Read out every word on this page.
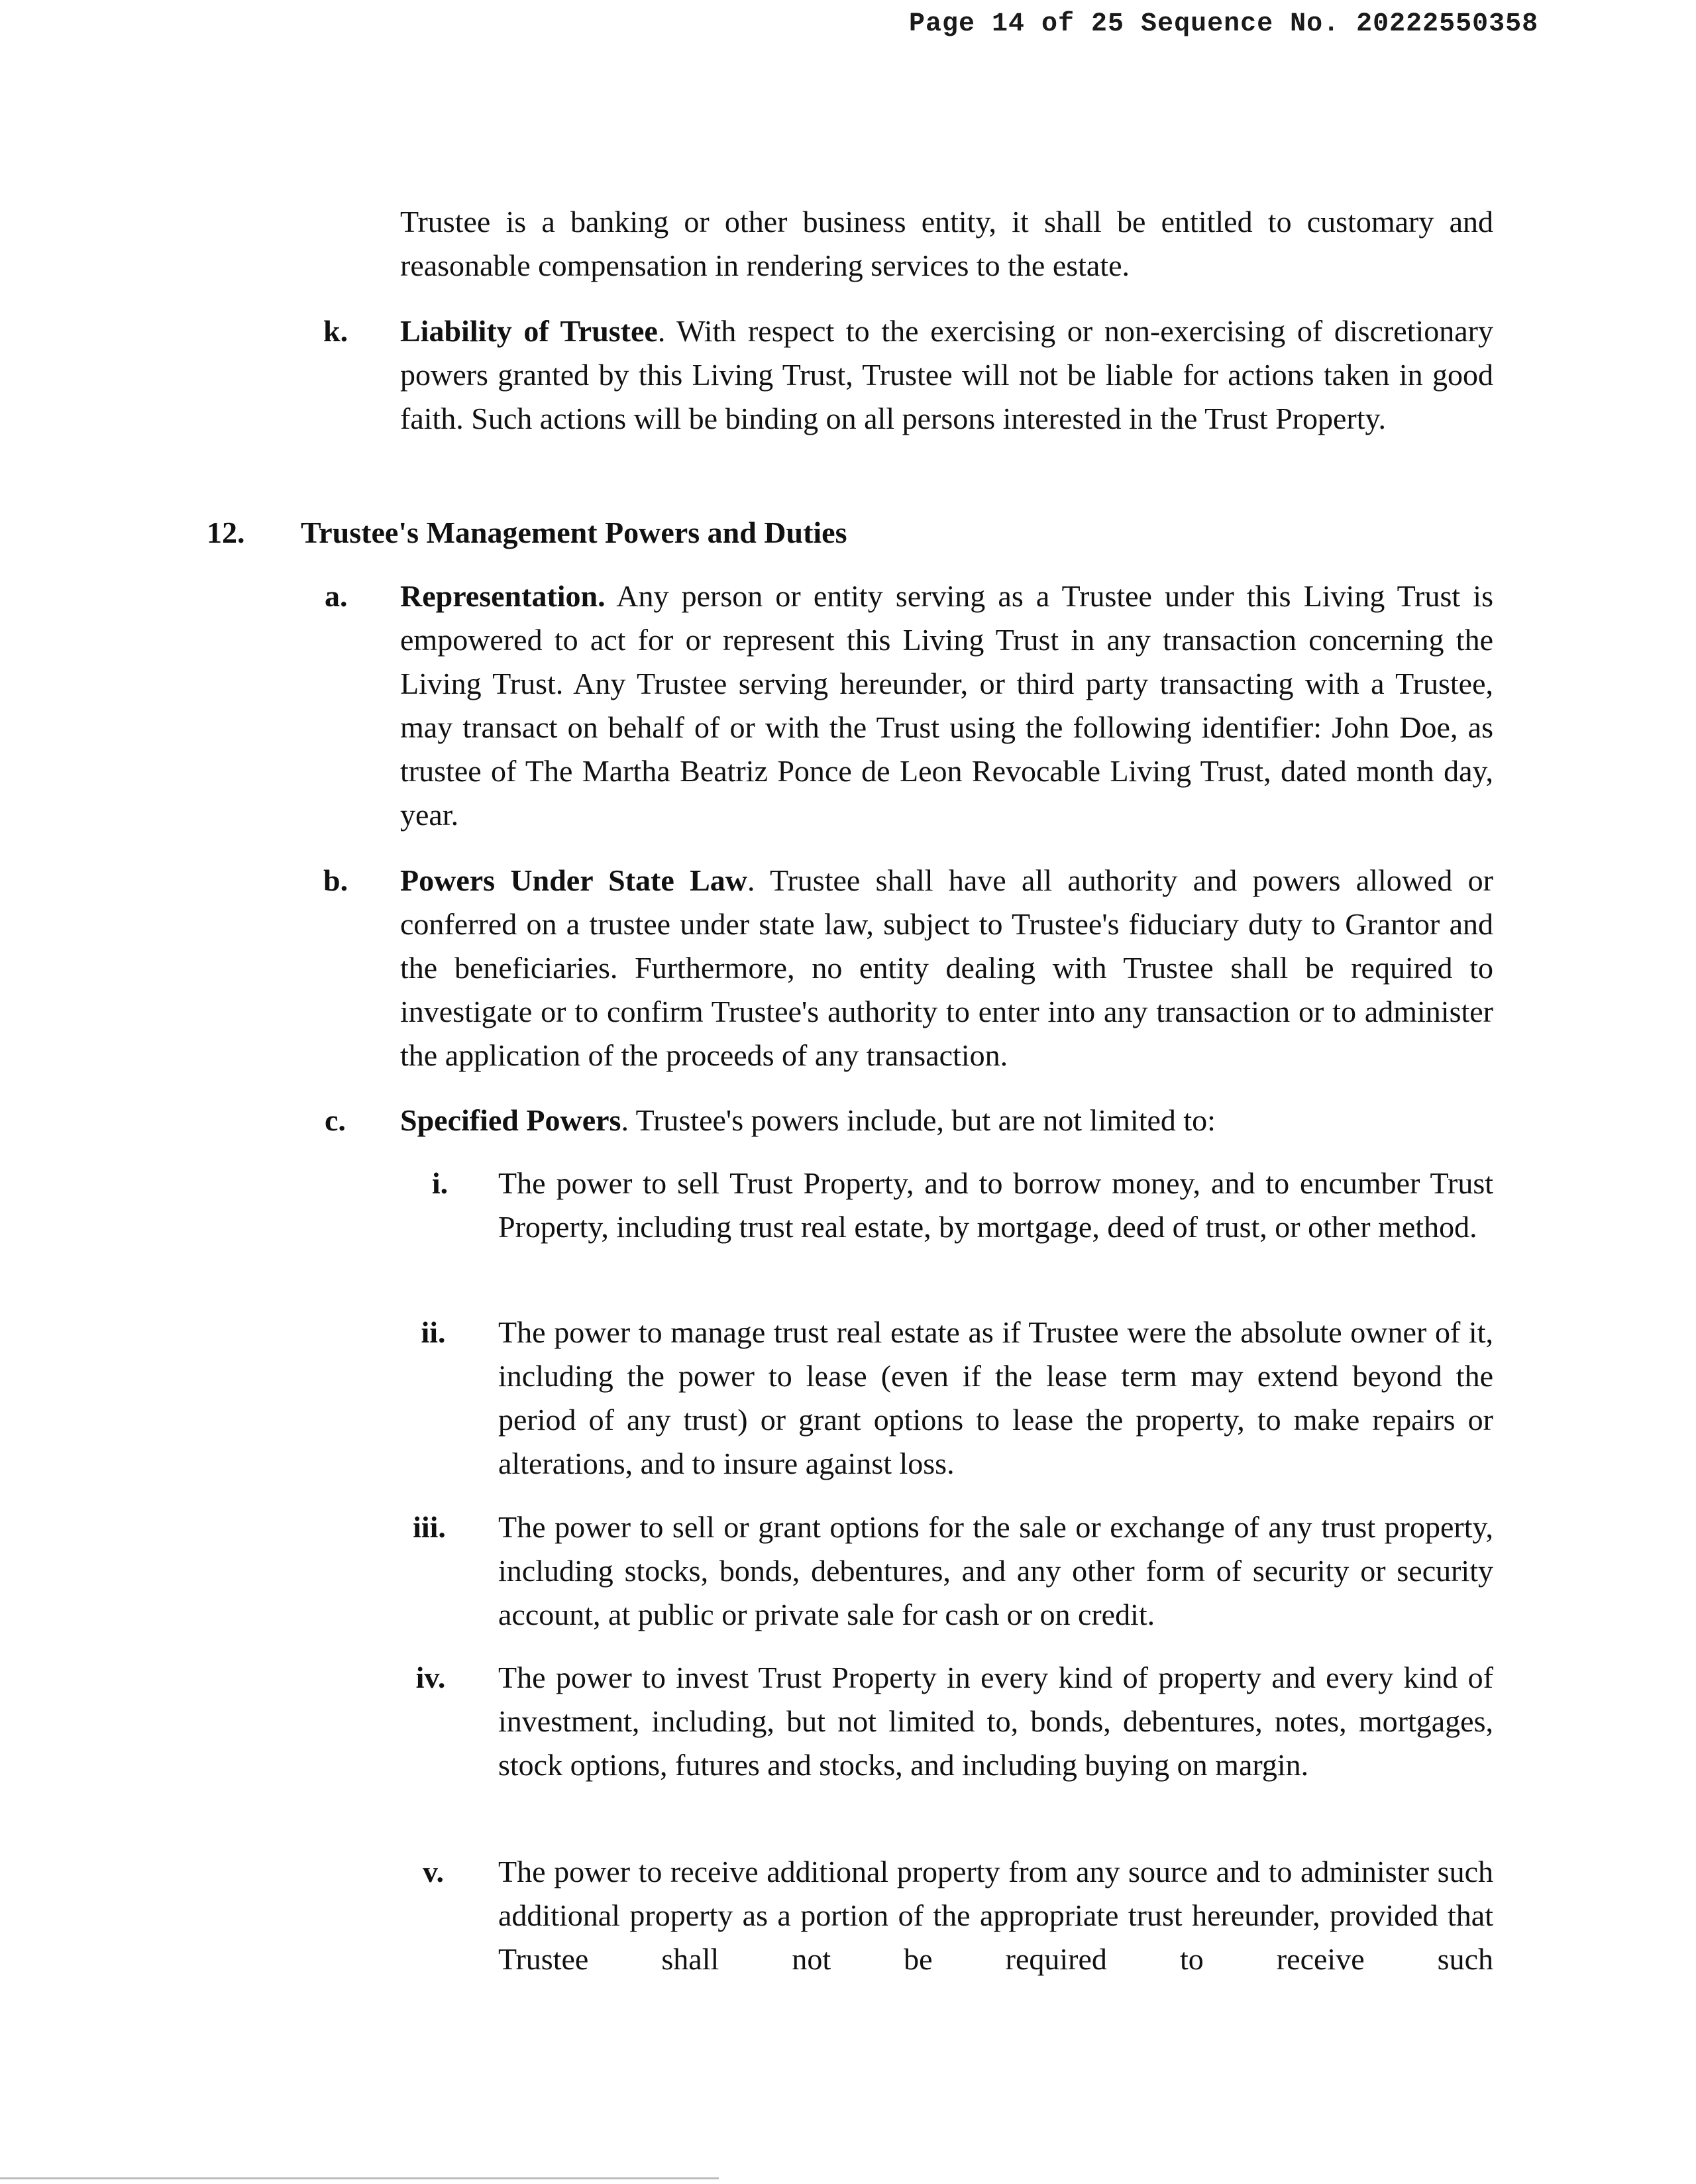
Page 14 of 25 Sequence No. 20222550358
Trustee is a banking or other business entity, it shall be entitled to customary and reasonable compensation in rendering services to the estate.
k. Liability of Trustee. With respect to the exercising or non-exercising of discretionary powers granted by this Living Trust, Trustee will not be liable for actions taken in good faith. Such actions will be binding on all persons interested in the Trust Property.
12. Trustee's Management Powers and Duties
a. Representation. Any person or entity serving as a Trustee under this Living Trust is empowered to act for or represent this Living Trust in any transaction concerning the Living Trust. Any Trustee serving hereunder, or third party transacting with a Trustee, may transact on behalf of or with the Trust using the following identifier: John Doe, as trustee of The Martha Beatriz Ponce de Leon Revocable Living Trust, dated month day, year.
b. Powers Under State Law. Trustee shall have all authority and powers allowed or conferred on a trustee under state law, subject to Trustee's fiduciary duty to Grantor and the beneficiaries. Furthermore, no entity dealing with Trustee shall be required to investigate or to confirm Trustee's authority to enter into any transaction or to administer the application of the proceeds of any transaction.
c. Specified Powers. Trustee's powers include, but are not limited to:
i.	The power to sell Trust Property, and to borrow money, and to encumber Trust Property, including trust real estate, by mortgage, deed of trust, or other method.
ii.	The power to manage trust real estate as if Trustee were the absolute owner of it, including the power to lease (even if the lease term may extend beyond the period of any trust) or grant options to lease the property, to make repairs or alterations, and to insure against loss.
iii.	The power to sell or grant options for the sale or exchange of any trust property, including stocks, bonds, debentures, and any other form of security or security account, at public or private sale for cash or on credit.
iv.	The power to invest Trust Property in every kind of property and every kind of investment, including, but not limited to, bonds, debentures, notes, mortgages, stock options, futures and stocks, and including buying on margin.
v.	The power to receive additional property from any source and to administer such additional property as a portion of the appropriate trust hereunder, provided that Trustee shall not be required to receive such
